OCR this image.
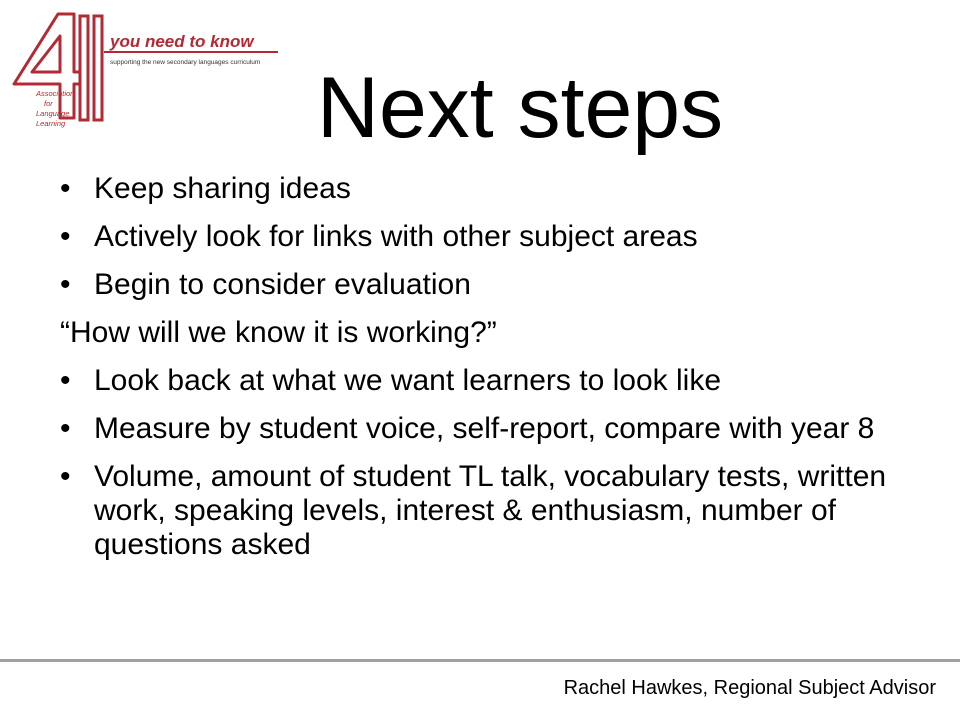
you need to know
supporting the new secondary languages curriculum
Association
for
Language
Learning	Next steps
• Keep sharing ideas
• Actively look for links with other subject areas
• Begin to consider evaluation
“How will we know it is working?”
• Look back at what we want learners to look like
• Measure by student voice, self-report, compare with year 8
• Volume, amount of student TL talk, vocabulary tests, written work, speaking levels, interest & enthusiasm, number of questions asked
Rachel Hawkes, Regional Subject Advisor
